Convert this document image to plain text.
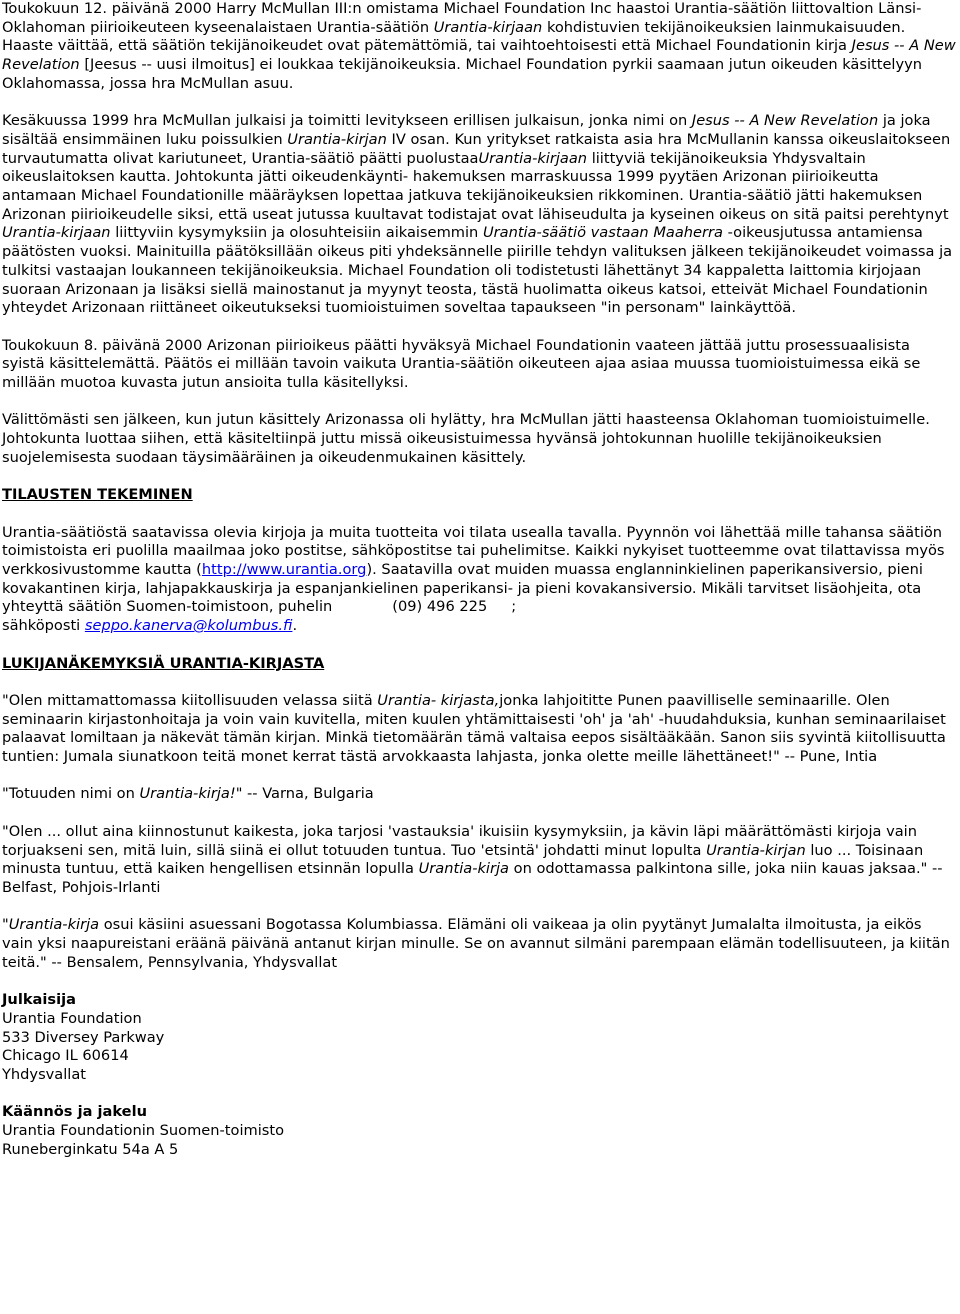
Toukokuun 12. päivänä 2000 Harry McMullan III:n omistama Michael Foundation Inc haastoi Urantia-säätiön liittovaltion Länsi-Oklahoman piirioikeuteen kyseenalaistaen Urantia-säätiön Urantia-kirjaan kohdistuvien tekijänoikeuksien lainmukaisuuden. Haaste väittää, että säätiön tekijänoikeudet ovat pätemättömiä, tai vaihtoehtoisesti että Michael Foundationin kirja Jesus -- A New Revelation [Jeesus -- uusi ilmoitus] ei loukkaa tekijänoikeuksia. Michael Foundation pyrkii saamaan jutun oikeuden käsittelyyn Oklahomassa, jossa hra McMullan asuu.

Kesäkuussa 1999 hra McMullan julkaisi ja toimitti levitykseen erillisen julkaisun, jonka nimi on Jesus -- A New Revelation ja joka sisältää ensimmäinen luku poissulkien Urantia-kirjan IV osan. Kun yritykset ratkaista asia hra McMullanin kanssa oikeuslaitokseen turvautumatta olivat kariutuneet, Urantia-säätiö päätti puolustaaUrantia-kirjaan liittyviä tekijänoikeuksia Yhdysvaltain oikeuslaitoksen kautta. Johtokunta jätti oikeudenkäynti- hakemuksen marraskuussa 1999 pyytäen Arizonan piirioikeutta antamaan Michael Foundationille määräyksen lopettaa jatkuva tekijänoikeuksien rikkominen. Urantia-säätiö jätti hakemuksen Arizonan piirioikeudelle siksi, että useat jutussa kuultavat todistajat ovat lähiseudulta ja kyseinen oikeus on sitä paitsi perehtynyt Urantia-kirjaan liittyviin kysymyksiin ja olosuhteisiin aikaisemmin Urantia-säätiö vastaan Maaherra -oikeusjutussa antamiensa päätösten vuoksi. Mainituilla päätöksillään oikeus piti yhdeksännelle piirille tehdyn valituksen jälkeen tekijänoikeudet voimassa ja tulkitsi vastaajan loukanneen tekijänoikeuksia. Michael Foundation oli todistetusti lähettänyt 34 kappaletta laittomia kirjojaan suoraan Arizonaan ja lisäksi siellä mainostanut ja myynyt teosta, tästä huolimatta oikeus katsoi, etteivät Michael Foundationin yhteydet Arizonaan riittäneet oikeutukseksi tuomioistuimen soveltaa tapaukseen "in personam" lainkäyttöä.

Toukokuun 8. päivänä 2000 Arizonan piirioikeus päätti hyväksyä Michael Foundationin vaateen jättää juttu prosessuaalisista syistä käsittelemättä. Päätös ei millään tavoin vaikuta Urantia-säätiön oikeuteen ajaa asiaa muussa tuomioistuimessa eikä se millään muotoa kuvasta jutun ansioita tulla käsitellyksi.

Välittömästi sen jälkeen, kun jutun käsittely Arizonassa oli hylätty, hra McMullan jätti haasteensa Oklahoman tuomioistuimelle. Johtokunta luottaa siihen, että käsiteltiinpä juttu missä oikeusistuimessa hyvänsä johtokunnan huolille tekijänoikeuksien suojelemisesta suodaan täysimääräinen ja oikeudenmukainen käsittely.

TILAUSTEN TEKEMINEN

Urantia-säätiöstä saatavissa olevia kirjoja ja muita tuotteita voi tilata usealla tavalla. Pyynnön voi lähettää mille tahansa säätiön toimistoista eri puolilla maailmaa joko postitse, sähköpostitse tai puhelimitse. Kaikki nykyiset tuotteemme ovat tilattavissa myös verkkosivustomme kautta (http://www.urantia.org). Saatavilla ovat muiden muassa englanninkielinen paperikansiversio, pieni kovakantinen kirja, lahjapakkauskirja ja espanjankielinen paperikansi- ja pieni kovakansiversio. Mikäli tarvitset lisäohjeita, ota yhteyttä säätiön Suomen-toimistoon, puhelin	(09) 496 225 ;
sähköposti seppo.kanerva@kolumbus.fi.

LUKIJANÄKEMYKSIÄ URANTIA-KIRJASTA

"Olen mittamattomassa kiitollisuuden velassa siitä Urantia- kirjasta,jonka lahjoititte Punen paavilliselle seminaarille. Olen seminaarin kirjastonhoitaja ja voin vain kuvitella, miten kuulen yhtämittaisesti 'oh' ja 'ah' -huudahduksia, kunhan seminaarilaiset palaavat lomiltaan ja näkevät tämän kirjan. Minkä tietomäärän tämä valtaisa eepos sisältääkään. Sanon siis syvintä kiitollisuutta tuntien: Jumala siunatkoon teitä monet kerrat tästä arvokkaasta lahjasta, jonka olette meille lähettäneet!" -- Pune, Intia

"Totuuden nimi on Urantia-kirja!" -- Varna, Bulgaria

"Olen ... ollut aina kiinnostunut kaikesta, joka tarjosi 'vastauksia' ikuisiin kysymyksiin, ja kävin läpi määrättömästi kirjoja vain torjuakseni sen, mitä luin, sillä siinä ei ollut totuuden tuntua. Tuo 'etsintä' johdatti minut lopulta Urantia-kirjan luo ... Toisinaan minusta tuntuu, että kaiken hengellisen etsinnän lopulla Urantia-kirja on odottamassa palkintona sille, joka niin kauas jaksaa." -- Belfast, Pohjois-Irlanti

"Urantia-kirja osui käsiini asuessani Bogotassa Kolumbiassa. Elämäni oli vaikeaa ja olin pyytänyt Jumalalta ilmoitusta, ja eikös vain yksi naapureistani eräänä päivänä antanut kirjan minulle. Se on avannut silmäni parempaan elämän todellisuuteen, ja kiitän teitä." -- Bensalem, Pennsylvania, Yhdysvallat

Julkaisija
Urantia Foundation
533 Diversey Parkway
Chicago IL 60614
Yhdysvallat
Käännös ja jakelu
Urantia Foundationin Suomen-toimisto
Runeberginkatu 54a A 5
